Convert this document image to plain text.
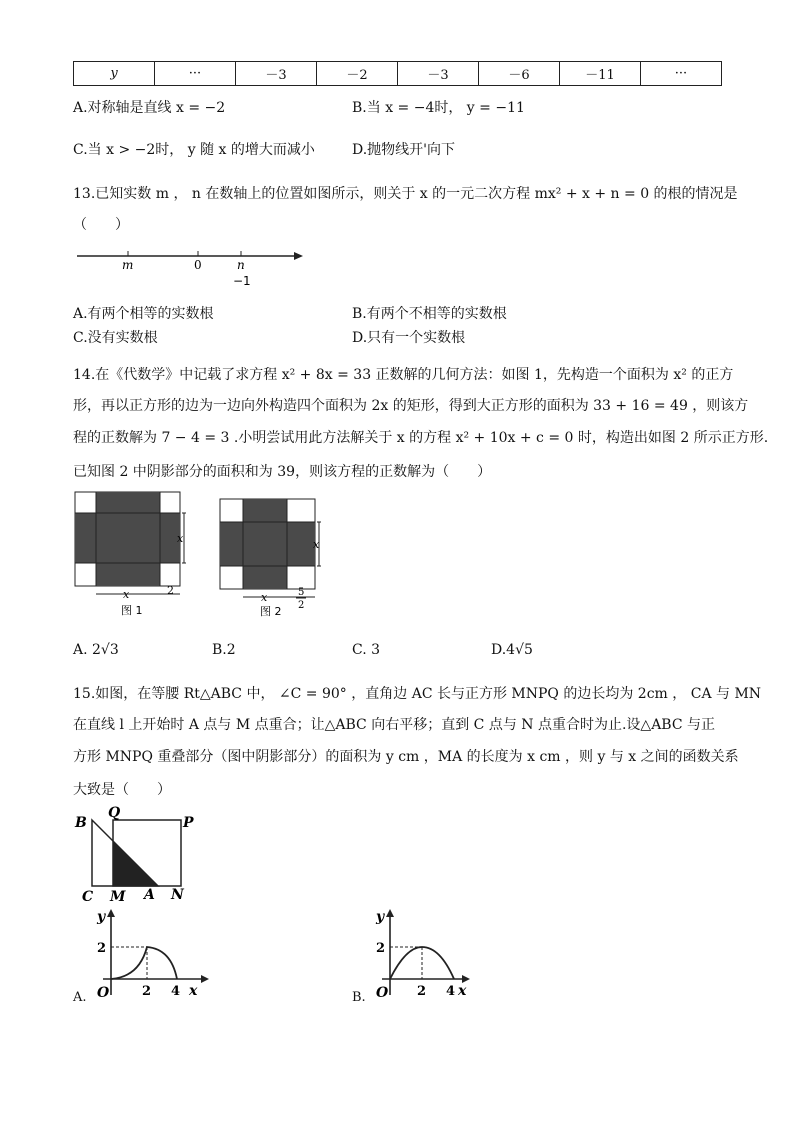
y	···	－3	－2	－3	－6	－11	···
A.对称轴是直线 x = −2	B.当 x = −4时， y = −11
C.当 x > −2时， y 随 x 的增大而减小	D.抛物线开'向下
13.已知实数 m ， n 在数轴上的位置如图所示，则关于 x 的一元二次方程 mx² + x + n = 0 的根的情况是
（　　）
m	0	n
−1
A.有两个相等的实数根	B.有两个不相等的实数根
C.没有实数根	D.只有一个实数根
14.在《代数学》中记载了求方程 x² + 8x = 33 正数解的几何方法：如图 1，先构造一个面积为 x² 的正方
形，再以正方形的边为一边向外构造四个面积为 2x 的矩形，得到大正方形的面积为 33 + 16 = 49 ，则该方
程的正数解为 7 − 4 = 3 .小明尝试用此方法解关于 x 的方程 x² + 10x + c = 0 时，构造出如图 2 所示正方形.
已知图 2 中阴影部分的面积和为 39，则该方程的正数解为（　　）
x
x	2
图 1
x
x	5
2
图 2
A. 2√3	B.2	C. 3	D.4√5
15.如图，在等腰 Rt△ABC 中， ∠C = 90° ，直角边 AC 长与正方形 MNPQ 的边长均为 2cm ， CA 与 MN
在直线 l 上开始时 A 点与 M 点重合；让△ABC 向右平移；直到 C 点与 N 点重合时为止.设△ABC 与正
方形 MNPQ 重叠部分（图中阴影部分）的面积为 y cm ，MA 的长度为 x cm ，则 y 与 x 之间的函数关系
大致是（　　）
B
Q
P
C M A N
y
2
O	2 4 x
A.
y
2
O 2 4 x
B.
